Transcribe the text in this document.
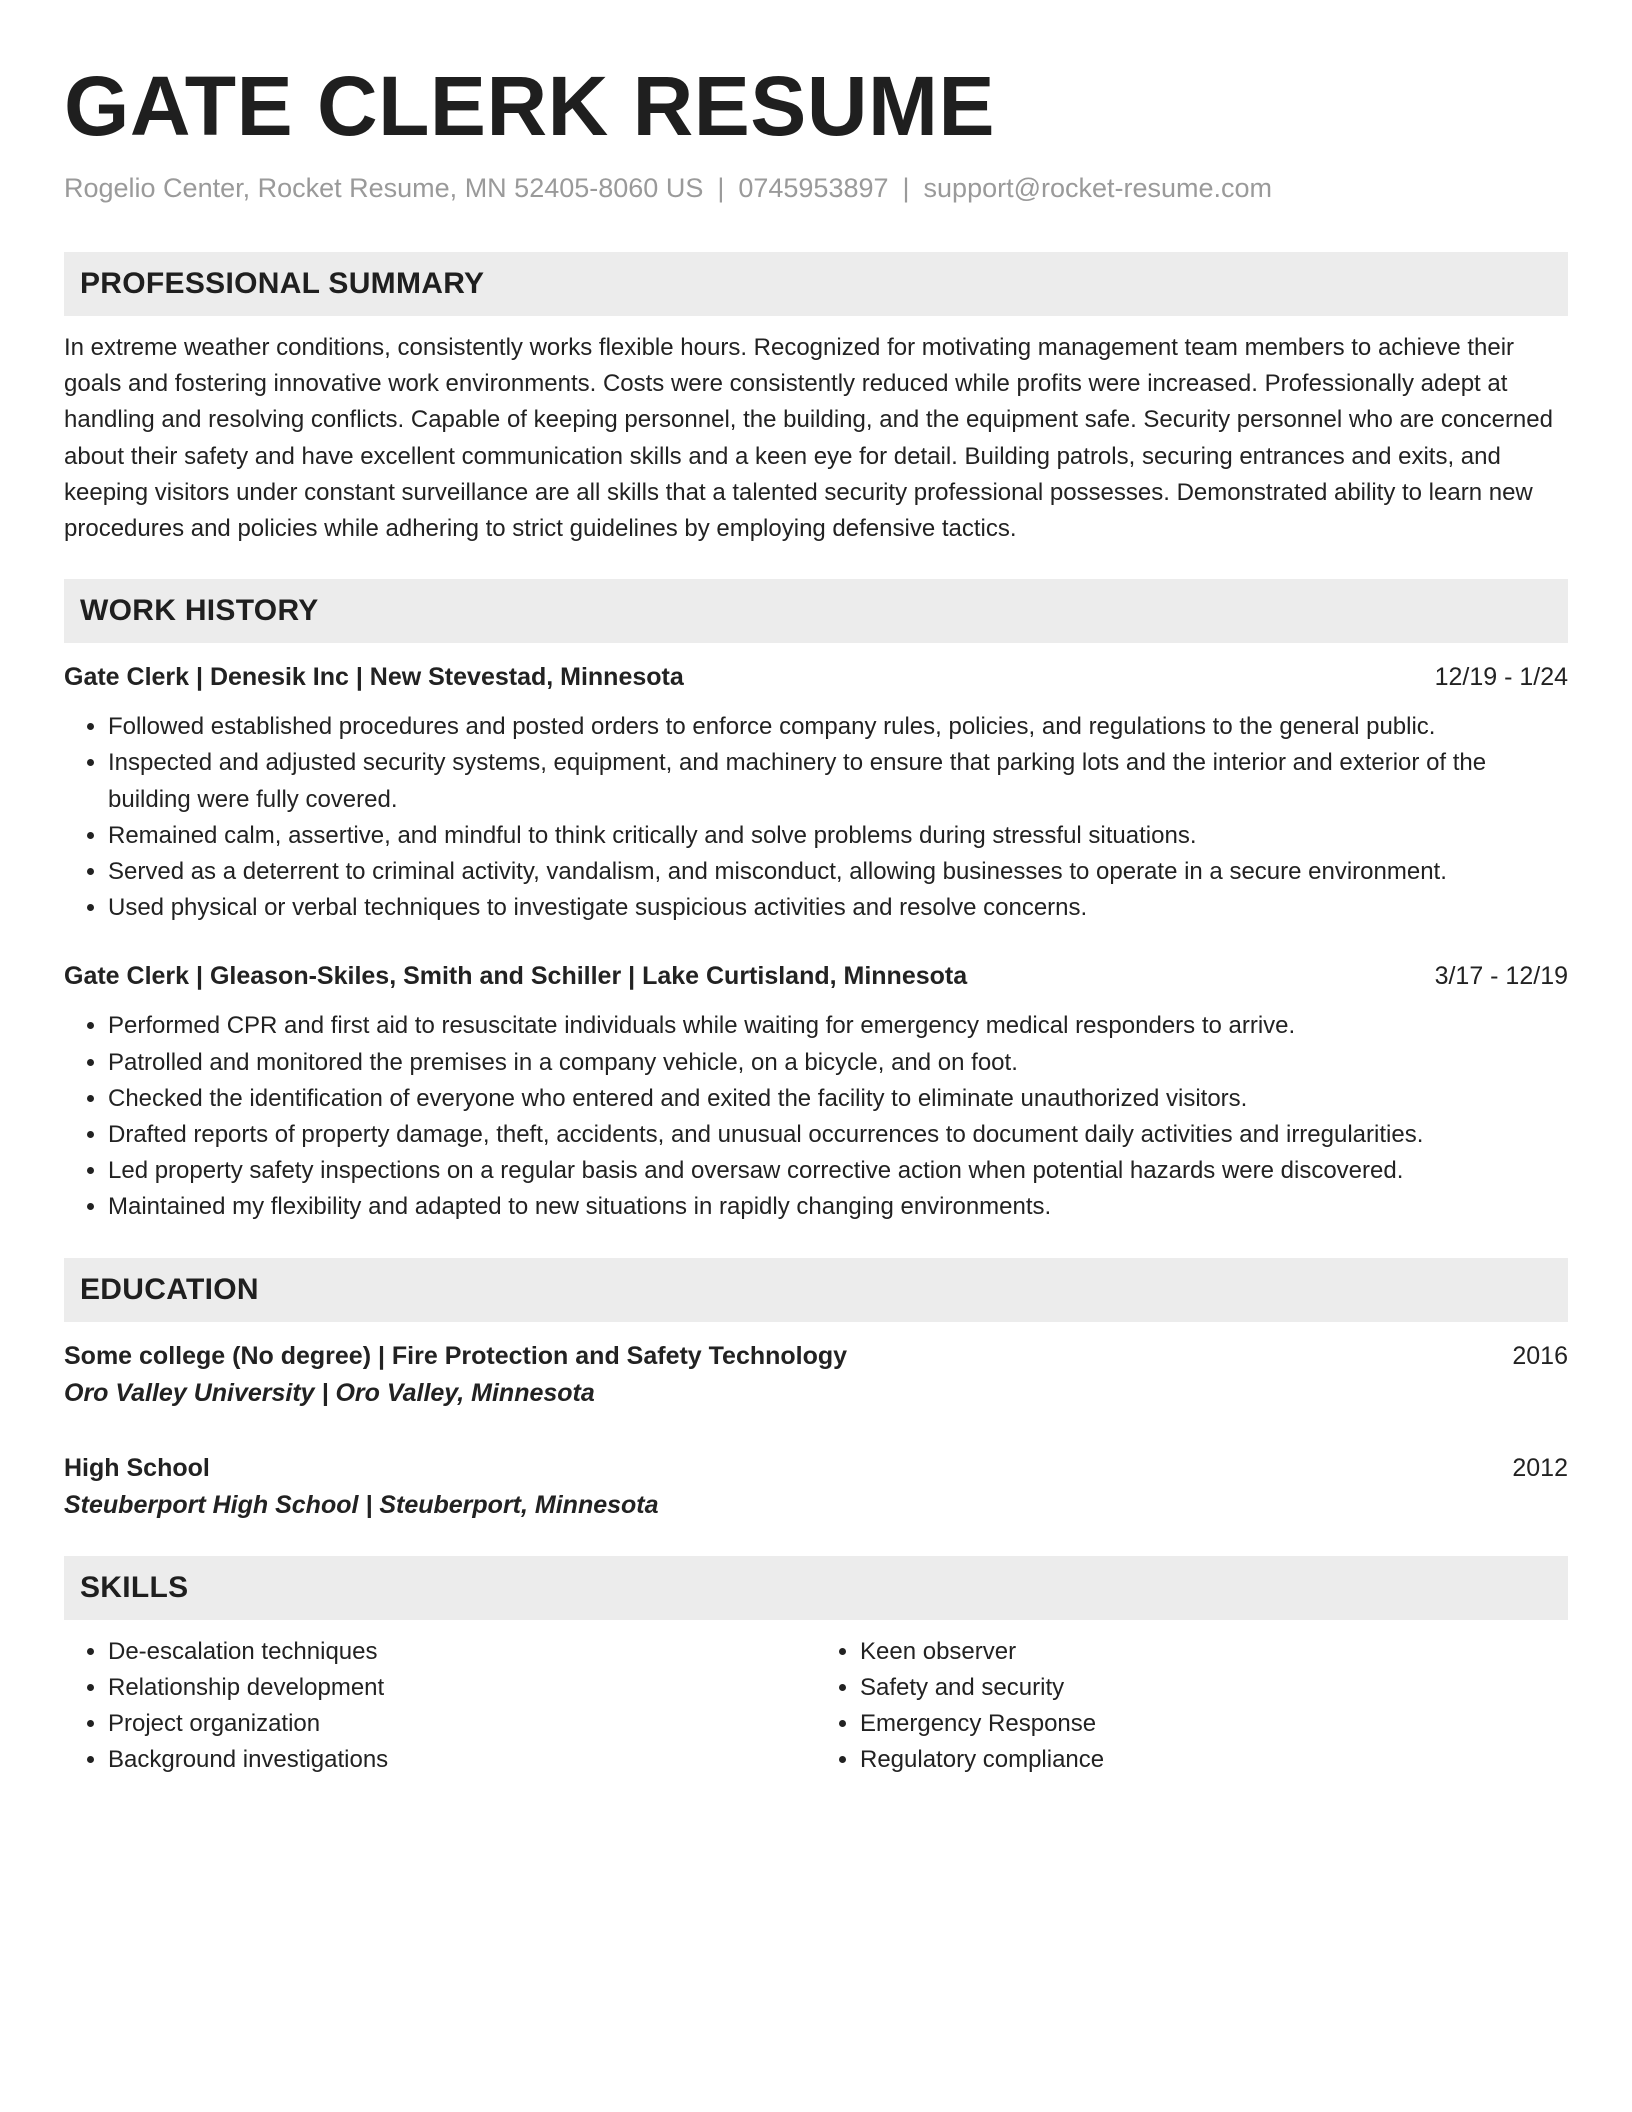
GATE CLERK RESUME
Rogelio Center, Rocket Resume, MN 52405-8060 US | 0745953897 | support@rocket-resume.com
PROFESSIONAL SUMMARY
In extreme weather conditions, consistently works flexible hours. Recognized for motivating management team members to achieve their goals and fostering innovative work environments. Costs were consistently reduced while profits were increased. Professionally adept at handling and resolving conflicts. Capable of keeping personnel, the building, and the equipment safe. Security personnel who are concerned about their safety and have excellent communication skills and a keen eye for detail. Building patrols, securing entrances and exits, and keeping visitors under constant surveillance are all skills that a talented security professional possesses. Demonstrated ability to learn new procedures and policies while adhering to strict guidelines by employing defensive tactics.
WORK HISTORY
Gate Clerk | Denesik Inc | New Stevestad, Minnesota	12/19 - 1/24
• Followed established procedures and posted orders to enforce company rules, policies, and regulations to the general public.
• Inspected and adjusted security systems, equipment, and machinery to ensure that parking lots and the interior and exterior of the building were fully covered.
• Remained calm, assertive, and mindful to think critically and solve problems during stressful situations.
• Served as a deterrent to criminal activity, vandalism, and misconduct, allowing businesses to operate in a secure environment.
• Used physical or verbal techniques to investigate suspicious activities and resolve concerns.
Gate Clerk | Gleason-Skiles, Smith and Schiller | Lake Curtisland, Minnesota	3/17 - 12/19
• Performed CPR and first aid to resuscitate individuals while waiting for emergency medical responders to arrive.
• Patrolled and monitored the premises in a company vehicle, on a bicycle, and on foot.
• Checked the identification of everyone who entered and exited the facility to eliminate unauthorized visitors.
• Drafted reports of property damage, theft, accidents, and unusual occurrences to document daily activities and irregularities.
• Led property safety inspections on a regular basis and oversaw corrective action when potential hazards were discovered.
• Maintained my flexibility and adapted to new situations in rapidly changing environments.
EDUCATION
Some college (No degree) | Fire Protection and Safety Technology	2016
Oro Valley University | Oro Valley, Minnesota
High School	2012
Steuberport High School | Steuberport, Minnesota
SKILLS
• De-escalation techniques
• Relationship development
• Project organization
• Background investigations
• Keen observer
• Safety and security
• Emergency Response
• Regulatory compliance
